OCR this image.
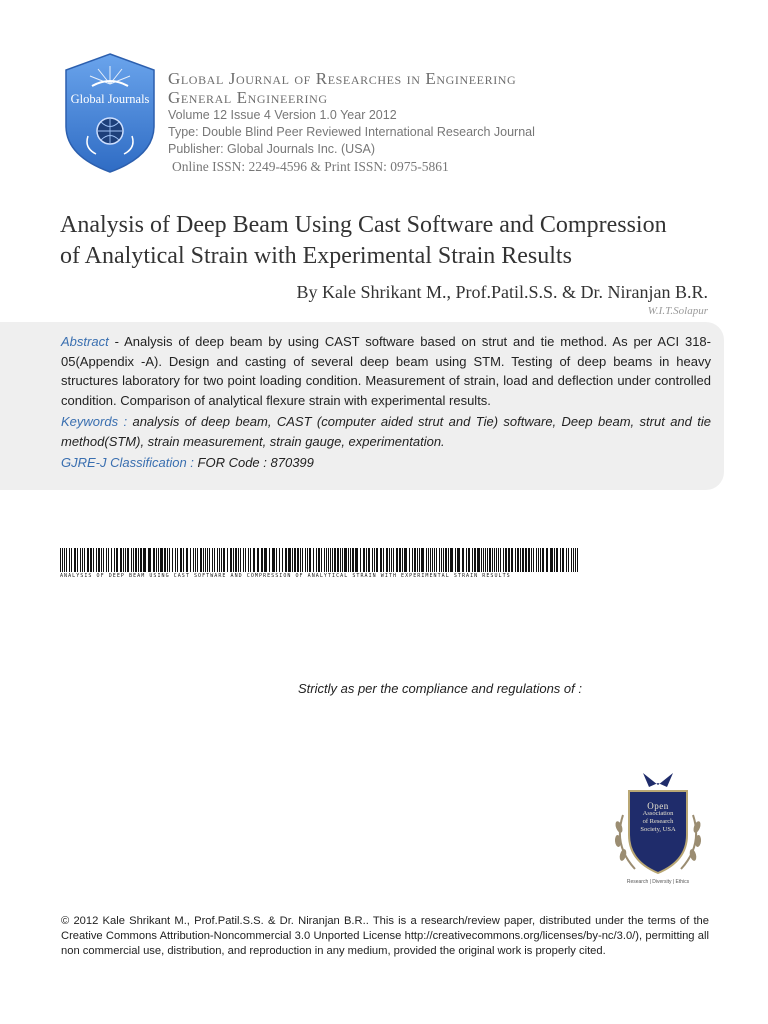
Global Journals
Global Journal of Researches in Engineering
General Engineering
Volume 12 Issue 4 Version 1.0 Year 2012
Type: Double Blind Peer Reviewed International Research Journal
Publisher: Global Journals Inc. (USA)
Online ISSN: 2249-4596 & Print ISSN: 0975-5861
Analysis of Deep Beam Using Cast Software and Compression
of Analytical Strain with Experimental Strain Results
By Kale Shrikant M., Prof.Patil.S.S. & Dr. Niranjan B.R.
W.I.T.Solapur

Abstract - Analysis of deep beam by using CAST software based on strut and tie method. As per ACI 318-05(Appendix -A). Design and casting of several deep beam using STM. Testing of deep beams in heavy structures laboratory for two point loading condition. Measurement of strain, load and deflection under controlled condition. Comparison of analytical flexure strain with experimental results.

Keywords : analysis of deep beam, CAST (computer aided strut and Tie) software, Deep beam, strut and tie method(STM), strain measurement, strain gauge, experimentation.

GJRE-J Classification : FOR Code : 870399

ANALYSIS OF DEEP BEAM USING CAST SOFTWARE AND COMPRESSION OF ANALYTICAL STRAIN WITH EXPERIMENTAL STRAIN RESULTS
Strictly as per the compliance and regulations of :
Open
Association
of Research
Society, USA
Research | Diversity | Ethics
© 2012 Kale Shrikant M., Prof.Patil.S.S. & Dr. Niranjan B.R.. This is a research/review paper, distributed under the terms of the Creative Commons Attribution-Noncommercial 3.0 Unported License http://creativecommons.org/licenses/by-nc/3.0/), permitting all non commercial use, distribution, and reproduction in any medium, provided the original work is properly cited.
